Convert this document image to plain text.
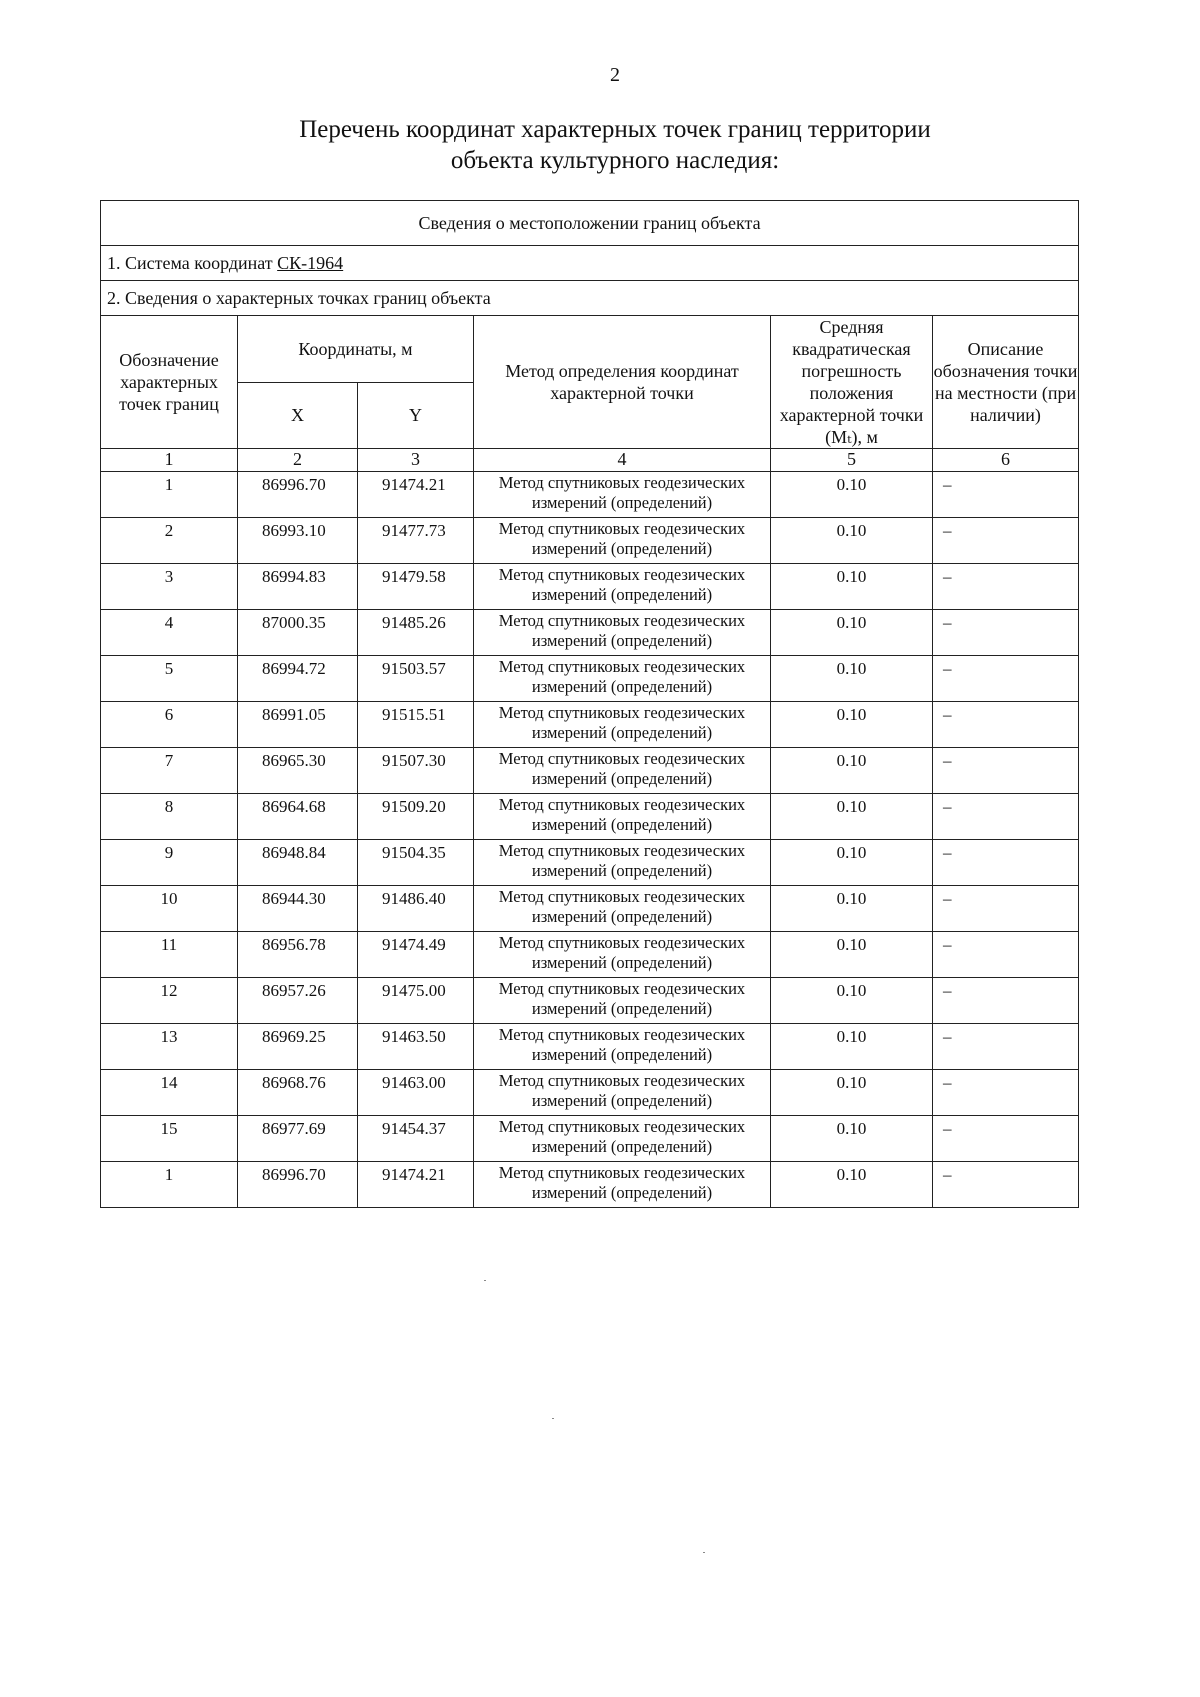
2
Перечень координат характерных точек границ территории
объекта культурного наследия:
Сведения о местоположении границ объекта					
1. Система координат СК-1964					
2. Сведения о характерных точках границ объекта					
Обозначение характерных точек границ	Координаты, м		Метод определения координат характерной точки	Средняя квадратическая погрешность положения характерной точки (Mₜ), м	Описание обозначения точки на местности (при наличии)
	X	Y			
1	2	3	4	5	6
1	86996.70	91474.21	Метод спутниковых геодезических измерений (определений)	0.10	–
2	86993.10	91477.73	Метод спутниковых геодезических измерений (определений)	0.10	–
3	86994.83	91479.58	Метод спутниковых геодезических измерений (определений)	0.10	–
4	87000.35	91485.26	Метод спутниковых геодезических измерений (определений)	0.10	–
5	86994.72	91503.57	Метод спутниковых геодезических измерений (определений)	0.10	–
6	86991.05	91515.51	Метод спутниковых геодезических измерений (определений)	0.10	–
7	86965.30	91507.30	Метод спутниковых геодезических измерений (определений)	0.10	–
8	86964.68	91509.20	Метод спутниковых геодезических измерений (определений)	0.10	–
9	86948.84	91504.35	Метод спутниковых геодезических измерений (определений)	0.10	–
10	86944.30	91486.40	Метод спутниковых геодезических измерений (определений)	0.10	–
11	86956.78	91474.49	Метод спутниковых геодезических измерений (определений)	0.10	–
12	86957.26	91475.00	Метод спутниковых геодезических измерений (определений)	0.10	–
13	86969.25	91463.50	Метод спутниковых геодезических измерений (определений)	0.10	–
14	86968.76	91463.00	Метод спутниковых геодезических измерений (определений)	0.10	–
15	86977.69	91454.37	Метод спутниковых геодезических измерений (определений)	0.10	–
1	86996.70	91474.21	Метод спутниковых геодезических измерений (определений)	0.10	–
